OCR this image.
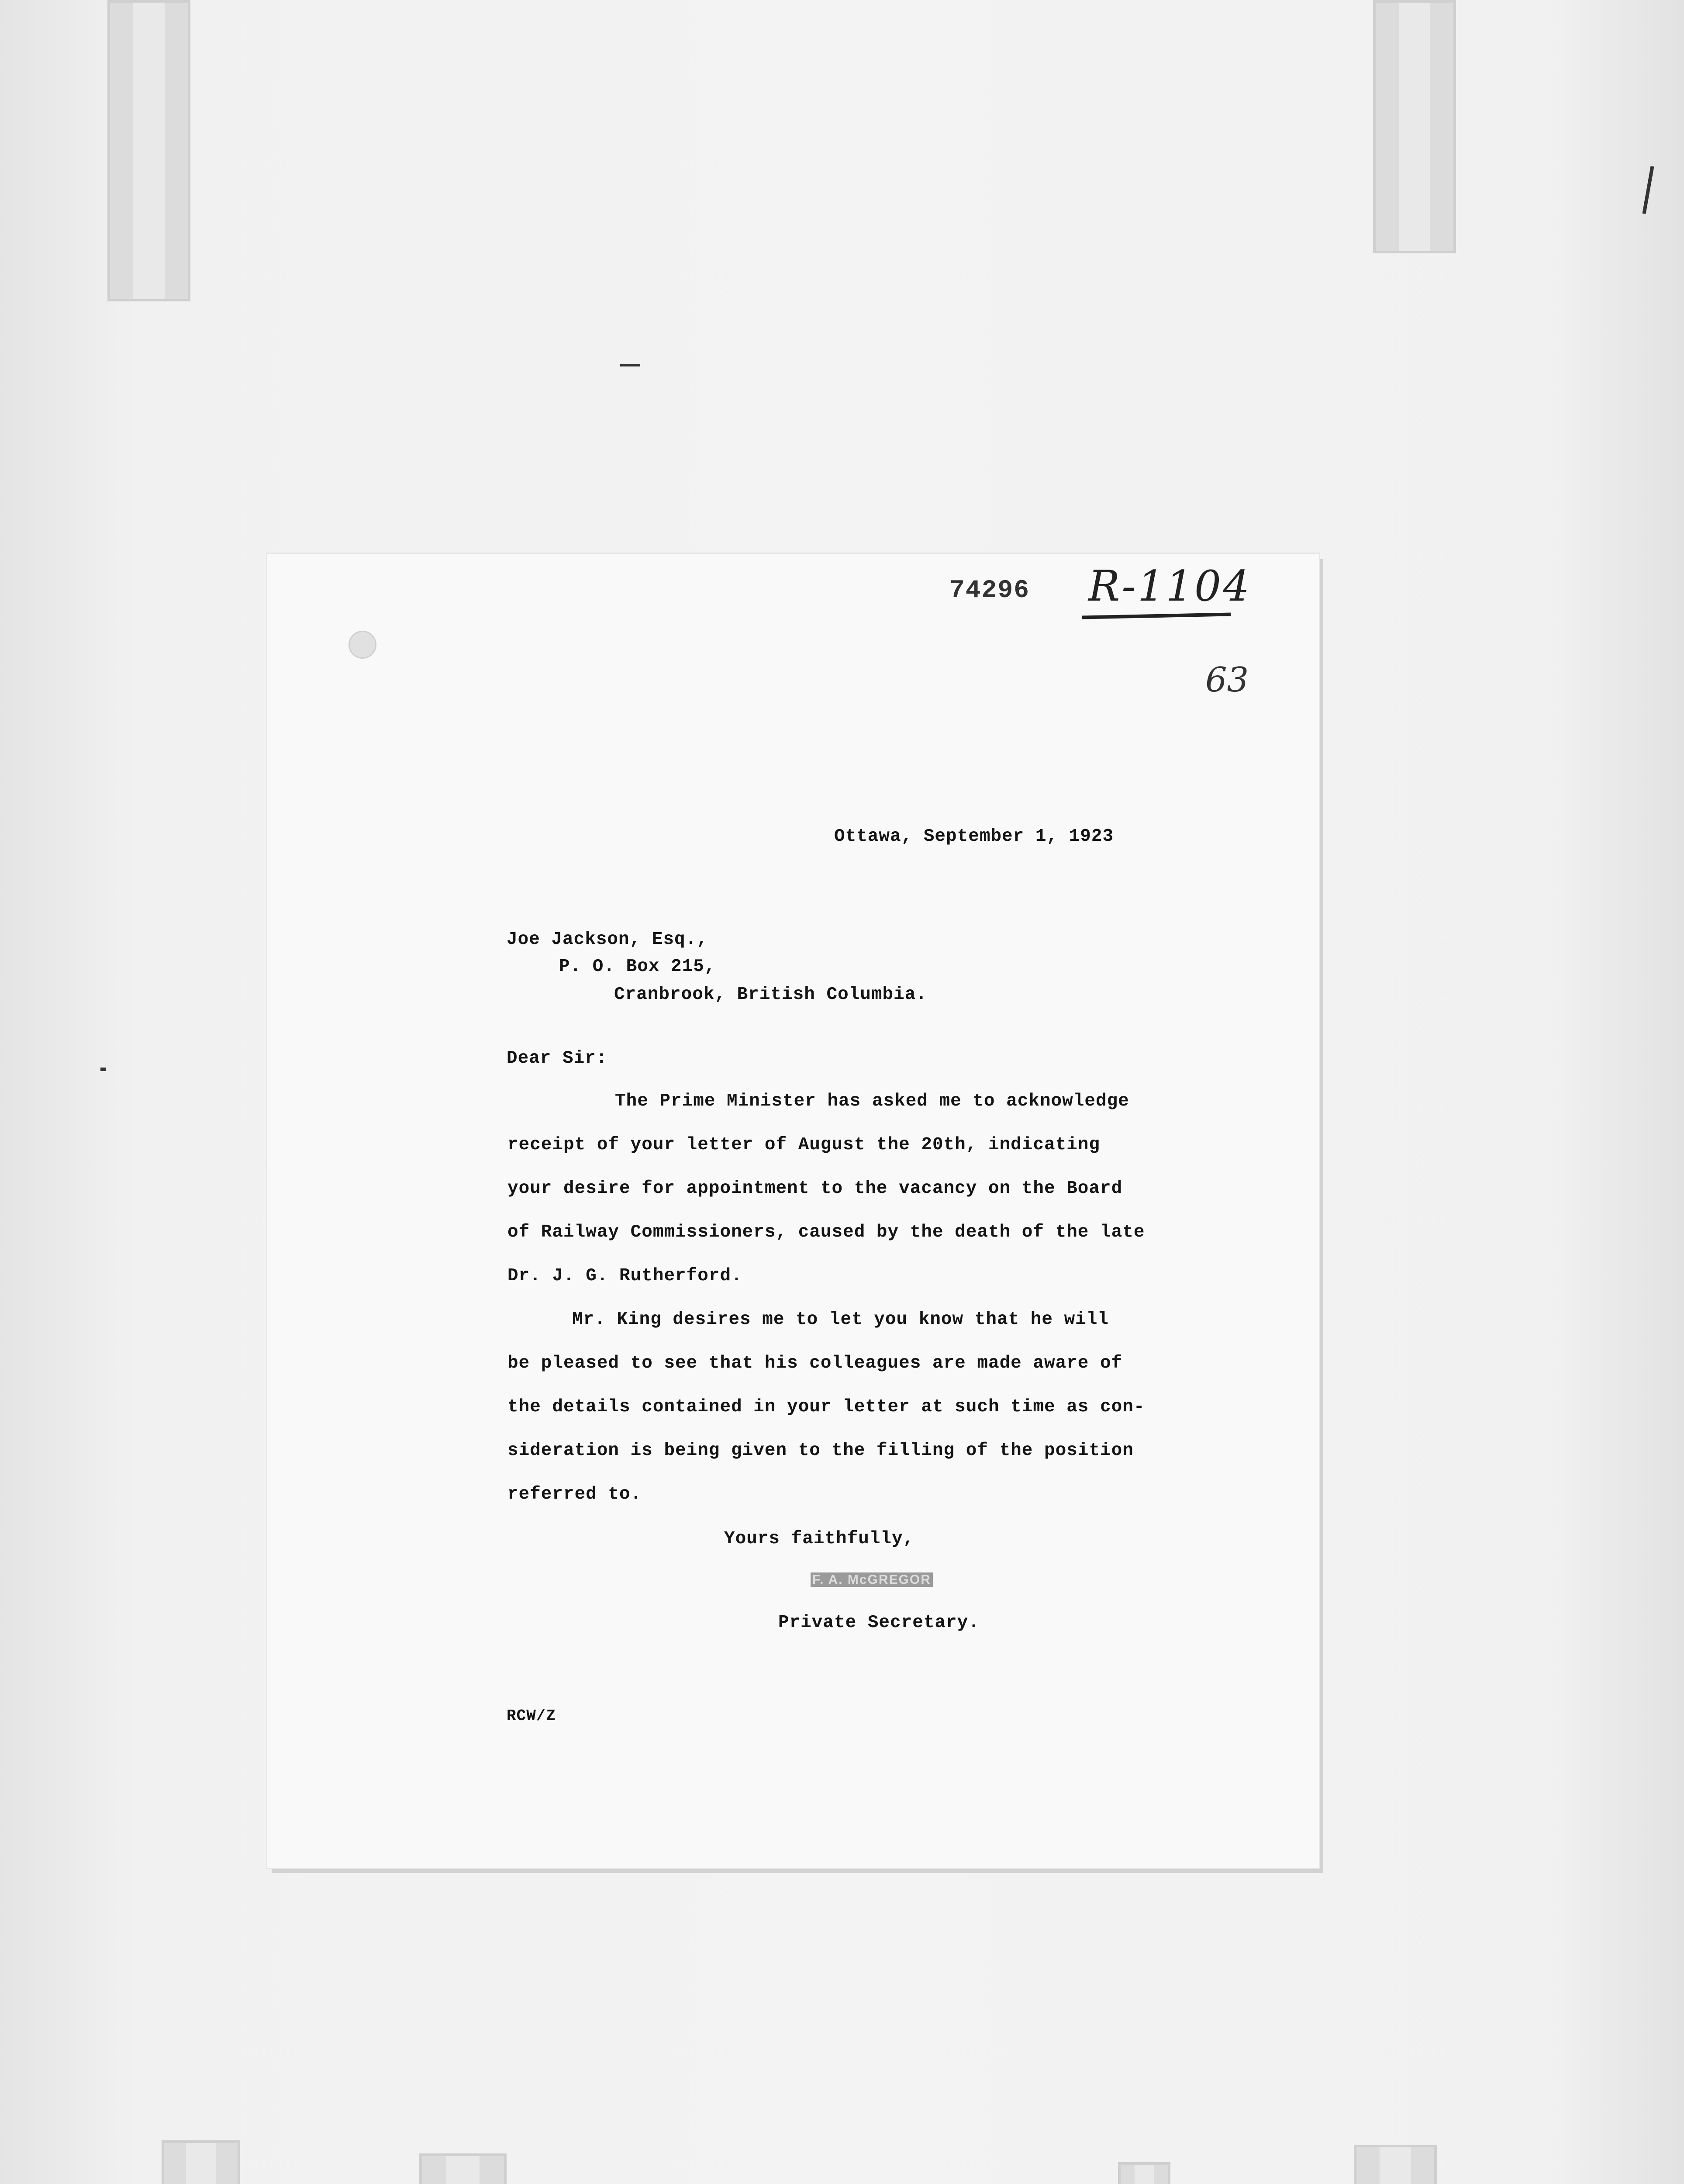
74296 R-1104
63
Ottawa, September 1, 1923
Joe Jackson, Esq.,
P. O. Box 215,
Cranbrook, British Columbia.
Dear Sir:
The Prime Minister has asked me to acknowledge
receipt of your letter of August the 20th, indicating
your desire for appointment to the vacancy on the Board
of Railway Commissioners, caused by the death of the late
Dr. J. G. Rutherford.
Mr. King desires me to let you know that he will
be pleased to see that his colleagues are made aware of
the details contained in your letter at such time as con-
sideration is being given to the filling of the position
referred to.
Yours faithfully,
F. A. McGREGOR
Private Secretary.
RCW/Z
